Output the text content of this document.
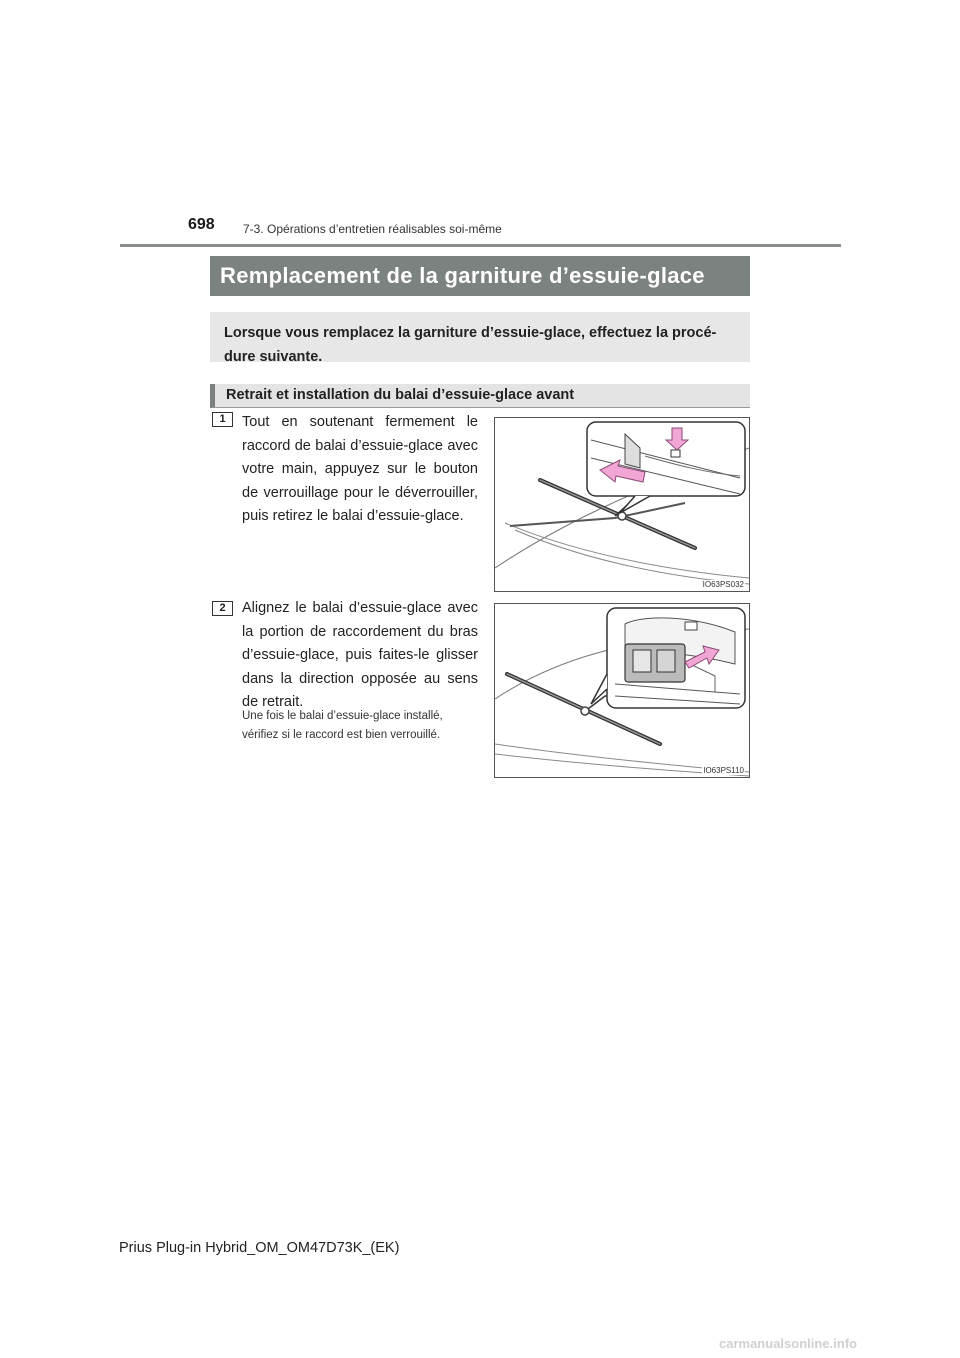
698 7-3. Opérations d’entretien réalisables soi-même
Remplacement de la garniture d’essuie-glace
Lorsque vous remplacez la garniture d’essuie-glace, effectuez la procé-dure suivante.
Retrait et installation du balai d’essuie-glace avant
1	Tout en soutenant fermement le raccord de balai d’essuie-glace avec votre main, appuyez sur le bouton de verrouillage pour le déverrouiller, puis retirez le balai d’essuie-glace.
IO63PS032
2	Alignez le balai d’essuie-glace avec la portion de raccordement du bras d’essuie-glace, puis faites-le glisser dans la direction opposée au sens de retrait.
Une fois le balai d’essuie-glace installé, vérifiez si le raccord est bien verrouillé.
IO63PS110
Prius Plug-in Hybrid_OM_OM47D73K_(EK)
carmanualsonline.info
